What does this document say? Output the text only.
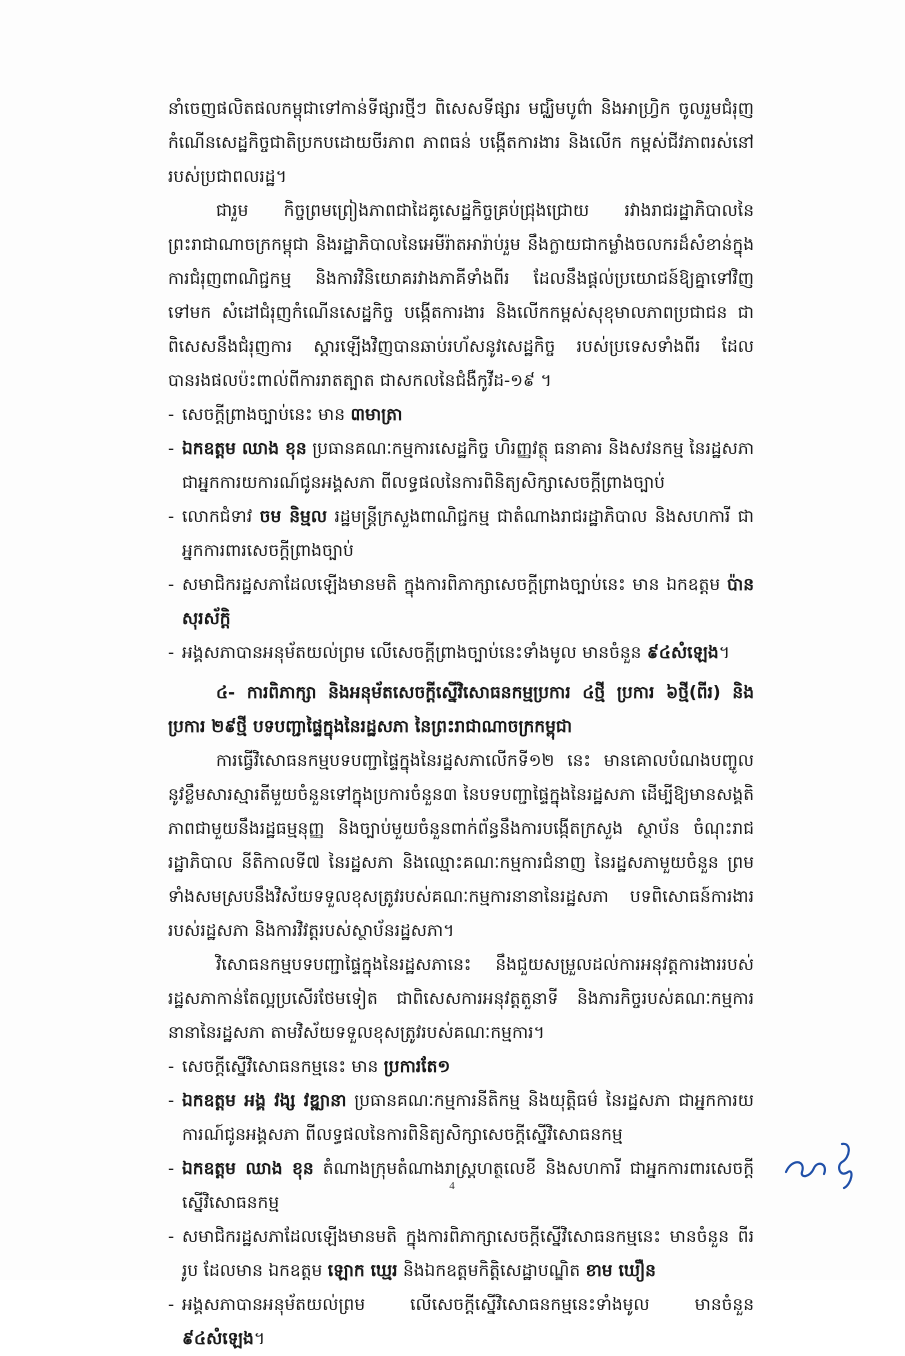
នាំចេញផលិតផលកម្ពុជាទៅកាន់ទីផ្សារថ្មីៗ ពិសេសទីផ្សារ មជ្ឈិមបូព៌ា និងអាហ្វ្រិក ចូលរួមជំរុញកំណើនសេដ្ឋកិច្ចជាតិប្រកបដោយចីរភាព ភាពធន់ បង្កើតការងារ និងលើក កម្ពស់ជីវភាពរស់នៅរបស់ប្រជាពលរដ្ឋ។

ជារួម កិច្ចព្រមព្រៀងភាពជាដៃគូសេដ្ឋកិច្ចគ្រប់ជ្រុងជ្រោយ រវាងរាជរដ្ឋាភិបាលនៃព្រះរាជាណាចក្រកម្ពុជា និងរដ្ឋាភិបាលនៃអេមីរ៉ាតអារ៉ាប់រួម នឹងក្លាយជាកម្លាំងចលករដ៏សំខាន់ក្នុងការជំរុញពាណិជ្ជកម្ម និងការវិនិយោគរវាងភាគីទាំងពីរ ដែលនឹងផ្តល់ប្រយោជន៍ឱ្យគ្នាទៅវិញទៅមក សំដៅជំរុញកំណើនសេដ្ឋកិច្ច បង្កើតការងារ និងលើកកម្ពស់សុខុមាលភាពប្រជាជន ជាពិសេសនឹងជំរុញការ ស្តារឡើងវិញបានឆាប់រហ័សនូវសេដ្ឋកិច្ច របស់ប្រទេសទាំងពីរ ដែលបានរងផលប៉ះពាល់ពីការរាតត្បាត ជាសកលនៃជំងឺកូវីដ-១៩ ។

- សេចក្តីព្រាងច្បាប់នេះ មាន ៣មាត្រា

- ឯកឧត្តម ឈាង ខុន ប្រធានគណៈកម្មការសេដ្ឋកិច្ច ហិរញ្ញវត្ថុ ធនាគារ និងសវនកម្ម នៃរដ្ឋសភា ជាអ្នកការយការណ៍ជូនអង្គសភា ពីលទ្ធផលនៃការពិនិត្យសិក្សាសេចក្តីព្រាងច្បាប់

- លោកជំទាវ ចម និម្មល រដ្ឋមន្ត្រីក្រសួងពាណិជ្ជកម្ម ជាតំណាងរាជរដ្ឋាភិបាល និងសហការី ជាអ្នកការពារសេចក្តីព្រាងច្បាប់

- សមាជិករដ្ឋសភាដែលឡើងមានមតិ ក្នុងការពិភាក្សាសេចក្តីព្រាងច្បាប់នេះ មាន ឯកឧត្តម ប៉ាន សុរស័ក្តិ

- អង្គសភាបានអនុម័តយល់ព្រម លើសេចក្តីព្រាងច្បាប់នេះទាំងមូល មានចំនួន ៩៤សំឡេង។

៤- ការពិភាក្សា និងអនុម័តសេចក្តីស្នើវិសោធនកម្មប្រការ ៤ថ្មី ប្រការ ៦ថ្មី(ពីរ) និងប្រការ ២៩ថ្មី បទបញ្ជាផ្ទៃក្នុងនៃរដ្ឋសភា នៃព្រះរាជាណាចក្រកម្ពុជា

ការធ្វើវិសោធនកម្មបទបញ្ជាផ្ទៃក្នុងនៃរដ្ឋសភាលើកទី១២ នេះ មានគោលបំណងបញ្ចូលនូវខ្លឹមសារស្មារតីមួយចំនួនទៅក្នុងប្រការចំនួន៣ នៃបទបញ្ជាផ្ទៃក្នុងនៃរដ្ឋសភា ដើម្បីឱ្យមានសង្គតិភាពជាមួយនឹងរដ្ឋធម្មនុញ្ញ និងច្បាប់មួយចំនួនពាក់ព័ន្ធនឹងការបង្កើតក្រសួង ស្ថាប័ន ចំណុះរាជរដ្ឋាភិបាល នីតិកាលទី៧ នៃរដ្ឋសភា និងឈ្មោះគណៈកម្មការជំនាញ នៃរដ្ឋសភាមួយចំនួន ព្រមទាំងសមស្របនឹងវិស័យទទួលខុសត្រូវរបស់គណៈកម្មការនានានៃរដ្ឋសភា បទពិសោធន៍ការងាររបស់រដ្ឋសភា និងការវិវត្តរបស់ស្ថាប័នរដ្ឋសភា។

វិសោធនកម្មបទបញ្ជាផ្ទៃក្នុងនៃរដ្ឋសភានេះ នឹងជួយសម្រួលដល់ការអនុវត្តការងាររបស់រដ្ឋសភាកាន់តែល្អប្រសើរថែមទៀត ជាពិសេសការអនុវត្តតួនាទី និងភារកិច្ចរបស់គណៈកម្មការនានានៃរដ្ឋសភា តាមវិស័យទទួលខុសត្រូវរបស់គណៈកម្មការ។

- សេចក្តីស្នើវិសោធនកម្មនេះ មាន ប្រការតែ១

- ឯកឧត្តម អង្គ វង្ស វឌ្ឍានា ប្រធានគណៈកម្មការនីតិកម្ម និងយុត្តិធម៌ នៃរដ្ឋសភា ជាអ្នកការយការណ៍ជូនអង្គសភា ពីលទ្ធផលនៃការពិនិត្យសិក្សាសេចក្តីស្នើវិសោធនកម្ម

- ឯកឧត្តម ឈាង ខុន តំណាងក្រុមតំណាងរាស្ត្រហត្ថលេខី និងសហការី ជាអ្នកការពារសេចក្តីស្នើវិសោធនកម្ម

- សមាជិករដ្ឋសភាដែលឡើងមានមតិ ក្នុងការពិភាក្សាសេចក្តីស្នើវិសោធនកម្មនេះ មានចំនួន ពីររូប ដែលមាន ឯកឧត្តម ឡោក ឃ្មេរ និងឯកឧត្តមកិត្តិសេដ្ឋាបណ្ឌិត ខាម ឃឿន

- អង្គសភាបានអនុម័តយល់ព្រម លើសេចក្តីស្នើវិសោធនកម្មនេះទាំងមូល មានចំនួន ៩៤សំឡេង។

4
